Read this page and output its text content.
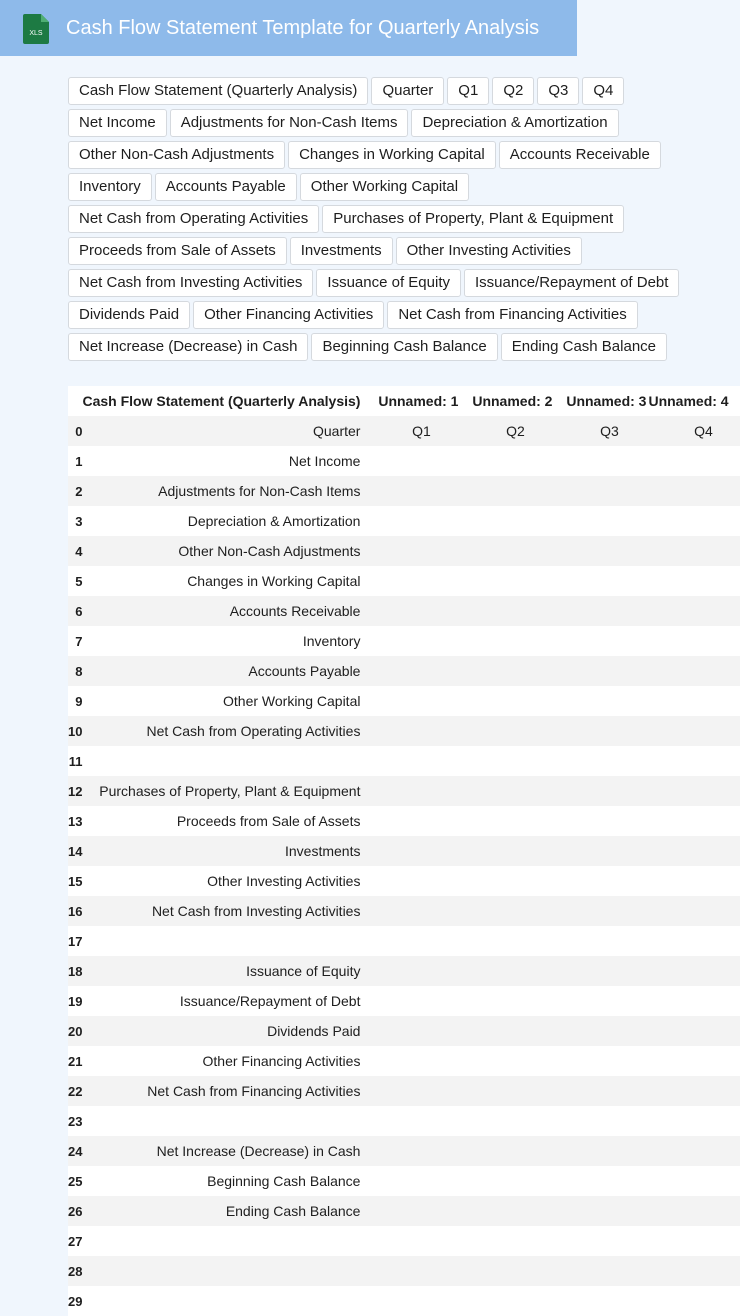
XLS Cash Flow Statement Template for Quarterly Analysis
Cash Flow Statement (Quarterly Analysis)	Quarter	Q1	Q2	Q3	Q4
Net Income	Adjustments for Non-Cash Items	Depreciation & Amortization
Other Non-Cash Adjustments	Changes in Working Capital	Accounts Receivable
Inventory	Accounts Payable	Other Working Capital
Net Cash from Operating Activities	Purchases of Property, Plant & Equipment
Proceeds from Sale of Assets	Investments	Other Investing Activities
Net Cash from Investing Activities	Issuance of Equity	Issuance/Repayment of Debt
Dividends Paid	Other Financing Activities	Net Cash from Financing Activities
Net Increase (Decrease) in Cash	Beginning Cash Balance	Ending Cash Balance
	Cash Flow Statement (Quarterly Analysis)	Unnamed: 1	Unnamed: 2	Unnamed: 3	Unnamed: 4
0	Quarter	Q1	Q2	Q3	Q4
1	Net Income				
2	Adjustments for Non-Cash Items				
3	Depreciation & Amortization				
4	Other Non-Cash Adjustments				
5	Changes in Working Capital				
6	Accounts Receivable				
7	Inventory				
8	Accounts Payable				
9	Other Working Capital				
10	Net Cash from Operating Activities				
11					
12	Purchases of Property, Plant & Equipment				
13	Proceeds from Sale of Assets				
14	Investments				
15	Other Investing Activities				
16	Net Cash from Investing Activities				
17					
18	Issuance of Equity				
19	Issuance/Repayment of Debt				
20	Dividends Paid				
21	Other Financing Activities				
22	Net Cash from Financing Activities				
23					
24	Net Increase (Decrease) in Cash				
25	Beginning Cash Balance				
26	Ending Cash Balance				
27					
28					
29					
